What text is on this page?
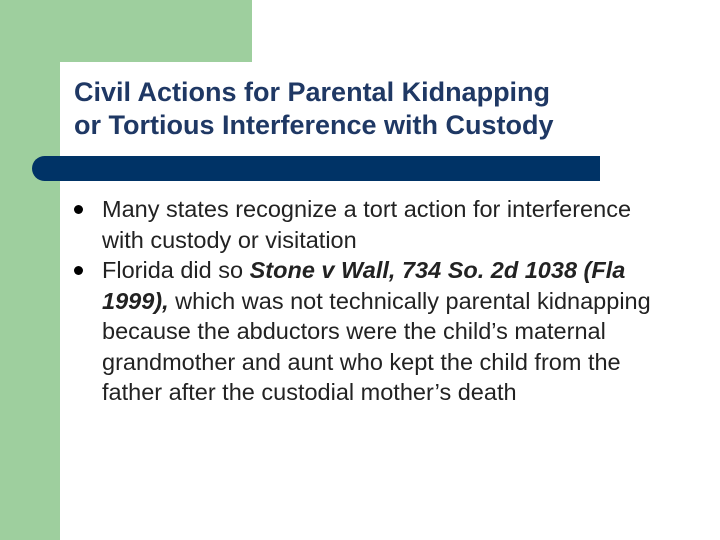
Civil Actions for Parental Kidnapping
or Tortious Interference with Custody
Many states recognize a tort action for interference with custody or visitation
Florida did so Stone v Wall, 734 So. 2d 1038 (Fla 1999), which was not technically parental kidnapping because the abductors were the child’s maternal grandmother and aunt who kept the child from the father after the custodial mother’s death
